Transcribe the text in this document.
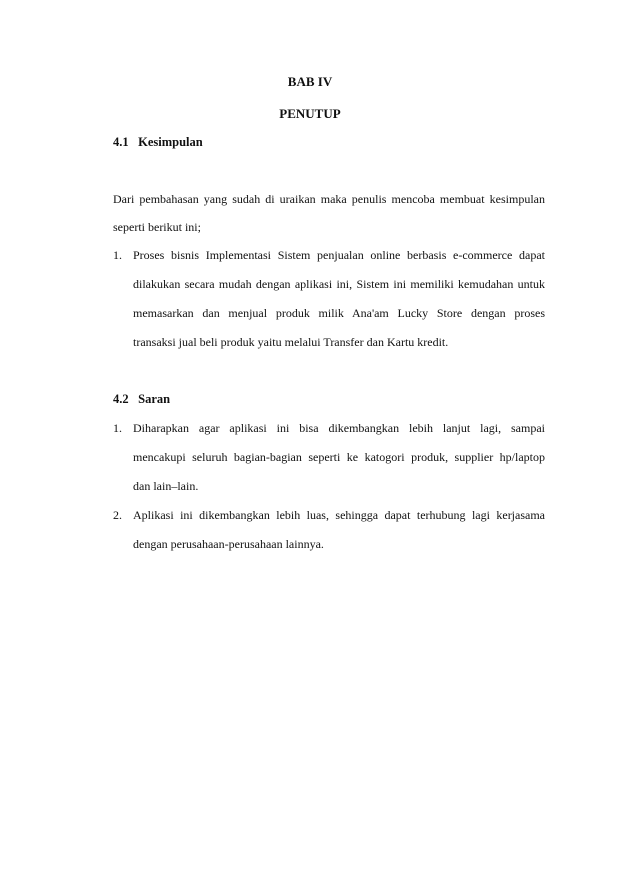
BAB IV
PENUTUP
4.1 Kesimpulan
Dari pembahasan yang sudah di uraikan maka penulis mencoba membuat kesimpulan
seperti berikut ini;
1. Proses bisnis Implementasi Sistem penjualan online berbasis e-commerce dapat
dilakukan secara mudah dengan aplikasi ini, Sistem ini memiliki kemudahan untuk
memasarkan dan menjual produk milik Ana'am Lucky Store dengan proses
transaksi jual beli produk yaitu melalui Transfer dan Kartu kredit.
4.2 Saran
1. Diharapkan agar aplikasi ini bisa dikembangkan lebih lanjut lagi, sampai
mencakupi seluruh bagian-bagian seperti ke katogori produk, supplier hp/laptop
dan lain–lain.
2. Aplikasi ini dikembangkan lebih luas, sehingga dapat terhubung lagi kerjasama
dengan perusahaan-perusahaan lainnya.
